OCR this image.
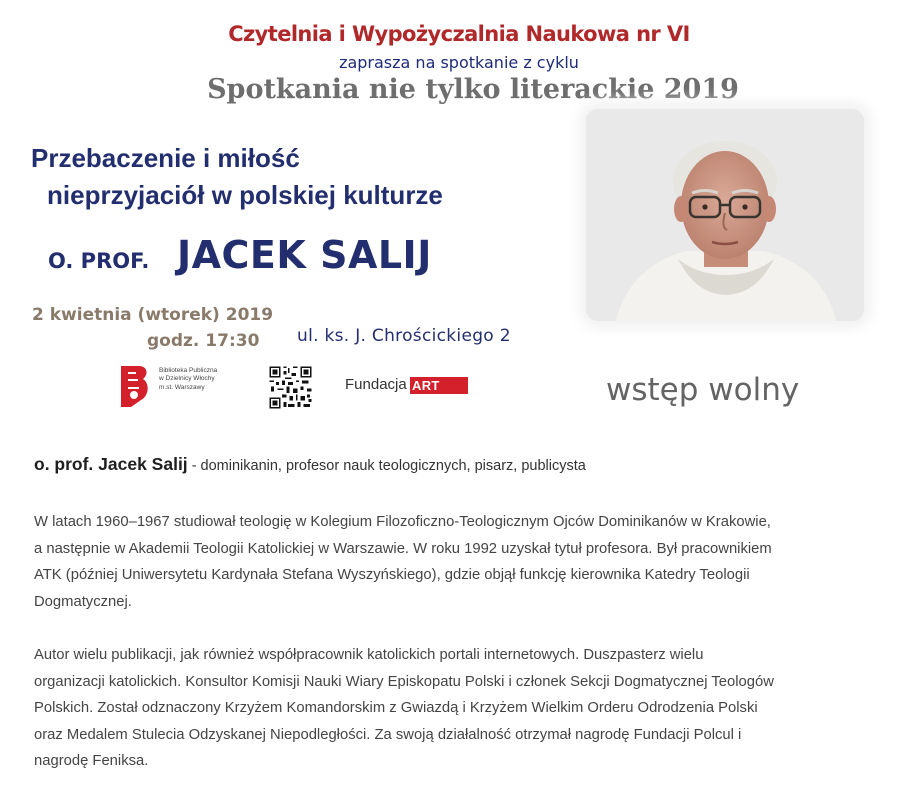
Czytelnia i Wypożyczalnia Naukowa nr VI
zaprasza na spotkanie z cyklu
Spotkania nie tylko literackie 2019
Przebaczenie i miłość
nieprzyjaciół w polskiej kulturze
O. PROF. JACEK SALIJ
2 kwietnia (wtorek) 2019
godz. 17:30 ul. ks. J. Chrościckiego 2
Biblioteka Publiczna
w Dzielnicy Włochy
m.st. Warszawy	Fundacja ART	wstęp wolny
o. prof. Jacek Salij - dominikanin, profesor nauk teologicznych, pisarz, publicysta
W latach 1960–1967 studiował teologię w Kolegium Filozoficzno-Teologicznym Ojców Dominikanów w Krakowie,
a następnie w Akademii Teologii Katolickiej w Warszawie. W roku 1992 uzyskał tytuł profesora. Był pracownikiem
ATK (później Uniwersytetu Kardynała Stefana Wyszyńskiego), gdzie objął funkcję kierownika Katedry Teologii
Dogmatycznej.
Autor wielu publikacji, jak również współpracownik katolickich portali internetowych. Duszpasterz wielu
organizacji katolickich. Konsultor Komisji Nauki Wiary Episkopatu Polski i członek Sekcji Dogmatycznej Teologów
Polskich. Został odznaczony Krzyżem Komandorskim z Gwiazdą i Krzyżem Wielkim Orderu Odrodzenia Polski
oraz Medalem Stulecia Odzyskanej Niepodległości. Za swoją działalność otrzymał nagrodę Fundacji Polcul i
nagrodę Feniksa.
